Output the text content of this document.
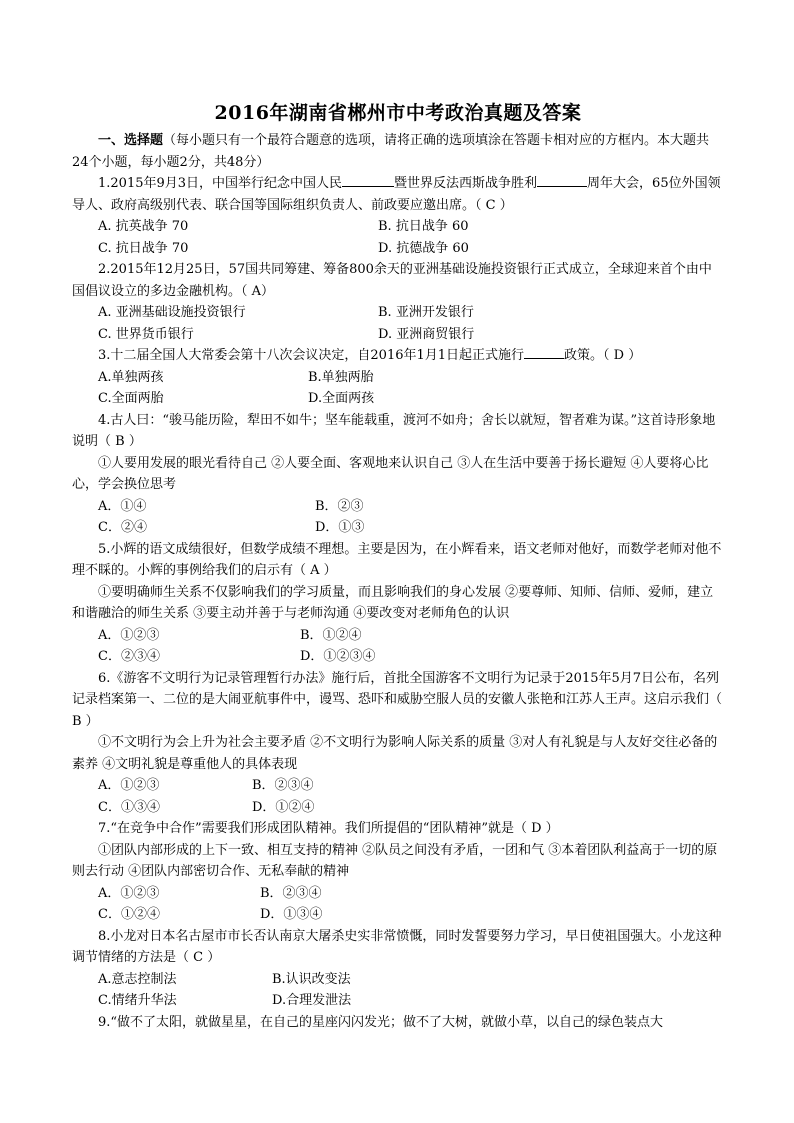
2016年湖南省郴州市中考政治真题及答案

一、选择题（每小题只有一个最符合题意的选项，请将正确的选项填涂在答题卡相对应的方框内。本大题共24个小题，每小题2分，共48分）

1.2015年9月3日，中国举行纪念中国人民	暨世界反法西斯战争胜利	周年大会，65位外国领导人、政府高级别代表、联合国等国际组织负责人、前政要应邀出席。（ C ）

A. 抗英战争 70	B. 抗日战争 60
C. 抗日战争 70	D. 抗德战争 60

2.2015年12月25日，57国共同筹建、筹备800余天的亚洲基础设施投资银行正式成立，全球迎来首个由中国倡议设立的多边金融机构。（ A）

A. 亚洲基础设施投资银行	B. 亚洲开发银行
C. 世界货币银行	D. 亚洲商贸银行

3.十二届全国人大常委会第十八次会议决定，自2016年1月1日起正式施行	政策。（ D ）

A.单独两孩	B.单独两胎
C.全面两胎	D.全面两孩

4.古人曰：“骏马能历险，犁田不如牛；坚车能载重，渡河不如舟；舍长以就短，智者难为谋。”这首诗形象地说明（ B ）

①人要用发展的眼光看待自己 ②人要全面、客观地来认识自己 ③人在生活中要善于扬长避短 ④人要将心比心，学会换位思考

A．①④	B．②③
C．②④	D．①③

5.小辉的语文成绩很好，但数学成绩不理想。主要是因为，在小辉看来，语文老师对他好，而数学老师对他不理不睬的。小辉的事例给我们的启示有（ A ）

①要明确师生关系不仅影响我们的学习质量，而且影响我们的身心发展 ②要尊师、知师、信师、爱师，建立和谐融洽的师生关系 ③要主动并善于与老师沟通 ④要改变对老师角色的认识

A．①②③	B．①②④
C．②③④	D．①②③④

6.《游客不文明行为记录管理暂行办法》施行后，首批全国游客不文明行为记录于2015年5月7日公布，名列记录档案第一、二位的是大闹亚航事件中，谩骂、恐吓和威胁空服人员的安徽人张艳和江苏人王声。这启示我们（ B ）

①不文明行为会上升为社会主要矛盾 ②不文明行为影响人际关系的质量 ③对人有礼貌是与人友好交往必备的素养 ④文明礼貌是尊重他人的具体表现

A．①②③	B．②③④
C．①③④	D．①②④

7.“在竞争中合作”需要我们形成团队精神。我们所提倡的“团队精神”就是（ D ）

①团队内部形成的上下一致、相互支持的精神 ②队员之间没有矛盾，一团和气 ③本着团队利益高于一切的原则去行动 ④团队内部密切合作、无私奉献的精神

A．①②③	B．②③④
C．①②④	D．①③④

8.小龙对日本名古屋市市长否认南京大屠杀史实非常愤慨，同时发誓要努力学习，早日使祖国强大。小龙这种调节情绪的方法是（ C ）

A.意志控制法	B.认识改变法
C.情绪升华法	D.合理发泄法

9.“做不了太阳，就做星星，在自己的星座闪闪发光；做不了大树，就做小草，以自己的绿色装点大
